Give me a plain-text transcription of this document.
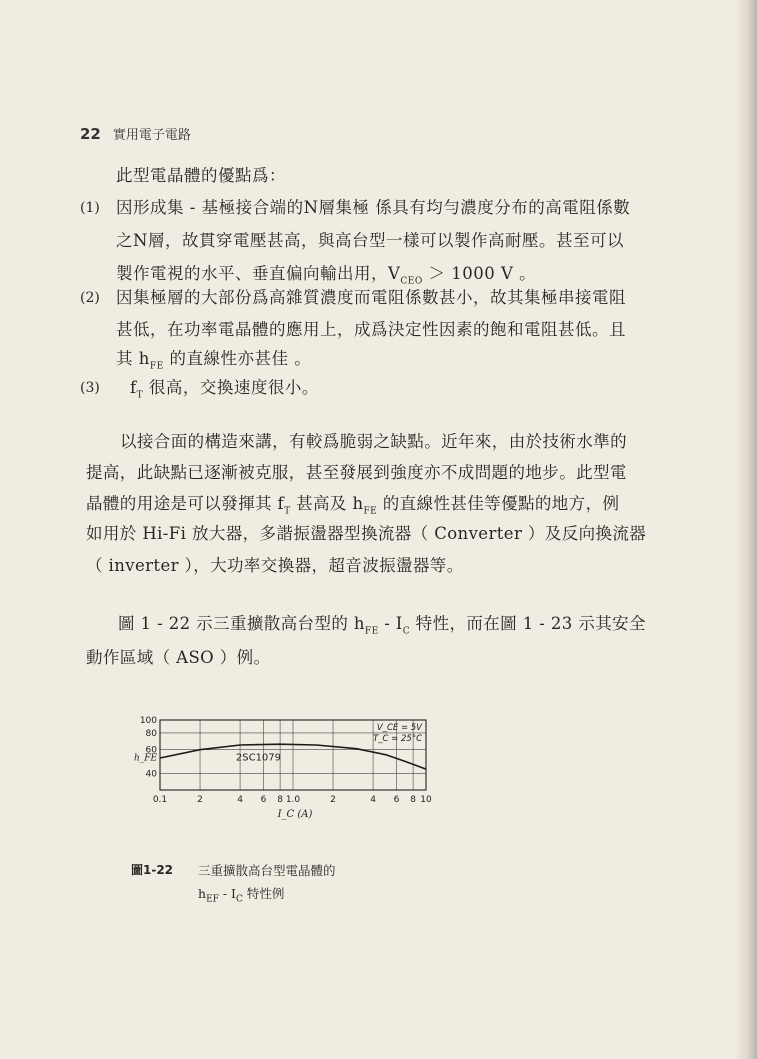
22 實用電子電路
此型電晶體的優點爲：
(1) 因形成集 - 基極接合端的N層集極 係具有均勻濃度分布的高電阻係數
之N層，故貫穿電壓甚高，與高台型一樣可以製作高耐壓。甚至可以
製作電視的水平、垂直偏向輸出用，$V_{CEO} > 1000$ V 。
(2) 因集極層的大部份爲高雜質濃度而電阻係數甚小，故其集極串接電阻
甚低，在功率電晶體的應用上，成爲決定性因素的飽和電阻甚低。且
其 $h_{FE}$ 的直線性亦甚佳 。
(3) $f_T$ 很高，交換速度很小。
以接合面的構造來講，有較爲脆弱之缺點。近年來，由於技術水準的
提高，此缺點已逐漸被克服，甚至發展到強度亦不成問題的地步。此型電
晶體的用途是可以發揮其 $f_T$ 甚高及 $h_{FE}$ 的直線性甚佳等優點的地方，例
如用於 Hi-Fi 放大器，多諧振盪器型換流器（ Converter ）及反向換流器
（ inverter ），大功率交換器，超音波振盪器等。
圖 1 - 22 示三重擴散高台型的 $h_{FE} - I_C$ 特性，而在圖 1 - 23 示其安全
動作區域（ ASO ）例。
100
80
60
40
0.1	2	4 6 8 1.0	2	4 6 8 10
I_C (A)
h_FE
V_CE = 5V
T_C = 25°C
2SC1079
圖1-22 三重擴散高台型電晶體的
$h_{EF} - I_C$ 特性例
